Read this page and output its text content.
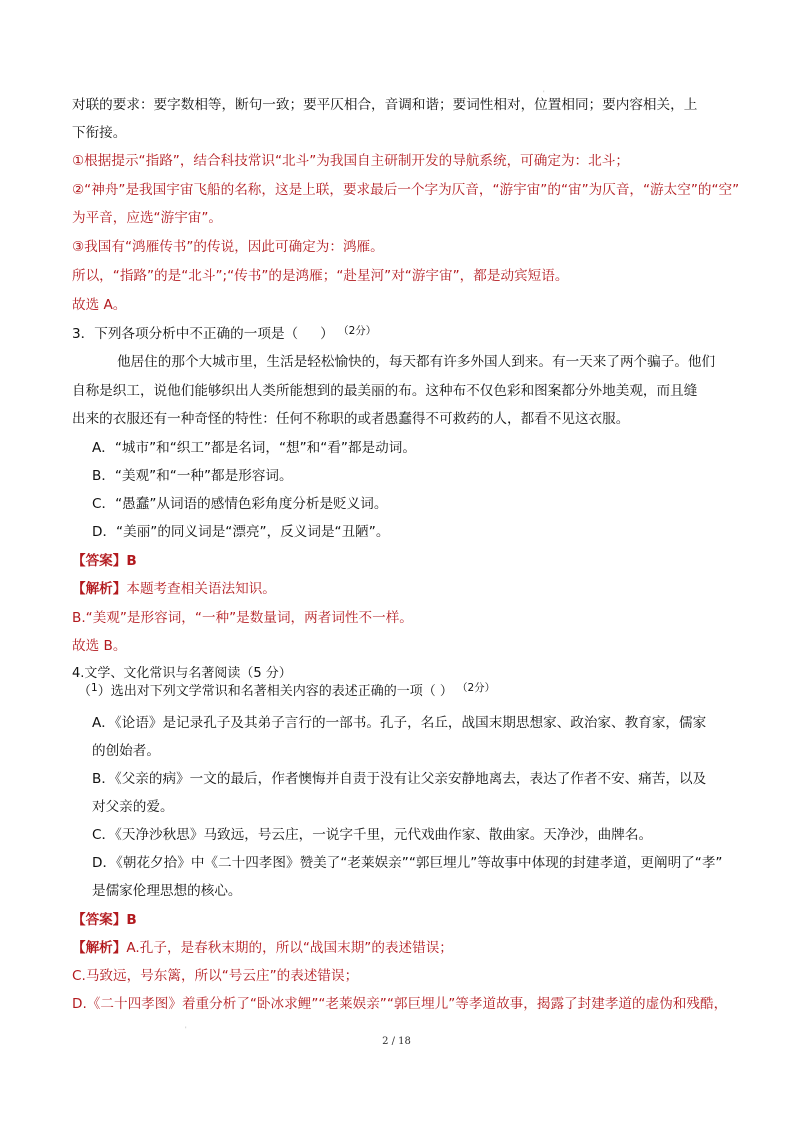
'
'
对联的要求：要字数相等，断句一致；要平仄相合，音调和谐；要词性相对，位置相同；要内容相关，上
下衔接。
①根据提示“指路”，结合科技常识“北斗”为我国自主研制开发的导航系统，可确定为：北斗；
②“神舟”是我国宇宙飞船的名称，这是上联，要求最后一个字为仄音，“游宇宙”的“宙”为仄音，“游太空”的“空”
为平音，应选“游宇宙”。
③我国有“鸿雁传书”的传说，因此可确定为：鸿雁。
所以，“指路”的是“北斗”;“传书”的是鸿雁；“赴星河”对“游宇宙”，都是动宾短语。
故选 A。
3．下列各项分析中不正确的一项是（ ） $^{(2分)}$
他居住的那个大城市里，生活是轻松愉快的，每天都有许多外国人到来。有一天来了两个骗子。他们
自称是织工，说他们能够织出人类所能想到的最美丽的布。这种布不仅色彩和图案都分外地美观，而且缝
出来的衣服还有一种奇怪的特性：任何不称职的或者愚蠢得不可救药的人，都看不见这衣服。
A．“城市”和“织工”都是名词，“想”和“看”都是动词。
B．“美观”和“一种”都是形容词。
C．“愚蠢”从词语的感情色彩角度分析是贬义词。
D．“美丽”的同义词是“漂亮”，反义词是“丑陋”。
【答案】B
【解析】本题考查相关语法知识。
B.“美观”是形容词，“一种”是数量词，两者词性不一样。
故选 B。
4.文学、文化常识与名著阅读（5 分）
（$^1$）选出对下列文学常识和名著相关内容的表述正确的一项（ ） $^{(2分)}$
A．《论语》是记录孔子及其弟子言行的一部书。孔子，名丘，战国末期思想家、政治家、教育家，儒家
的创始者。
B．《父亲的病》一文的最后，作者懊悔并自责于没有让父亲安静地离去，表达了作者不安、痛苦，以及
对父亲的爱。
C．《天净沙秋思》马致远，号云庄，一说字千里，元代戏曲作家、散曲家。天净沙，曲牌名。
D．《朝花夕拾》中《二十四孝图》赞美了“老莱娱亲”“郭巨埋儿”等故事中体现的封建孝道，更阐明了“孝”
是儒家伦理思想的核心。
【答案】B
【解析】A.孔子，是春秋末期的，所以“战国末期”的表述错误；
C.马致远，号东篱，所以“号云庄”的表述错误；
D.《二十四孝图》着重分析了“卧冰求鲤”“老莱娱亲”“郭巨埋儿”等孝道故事，揭露了封建孝道的虚伪和残酷，
2 / 18
